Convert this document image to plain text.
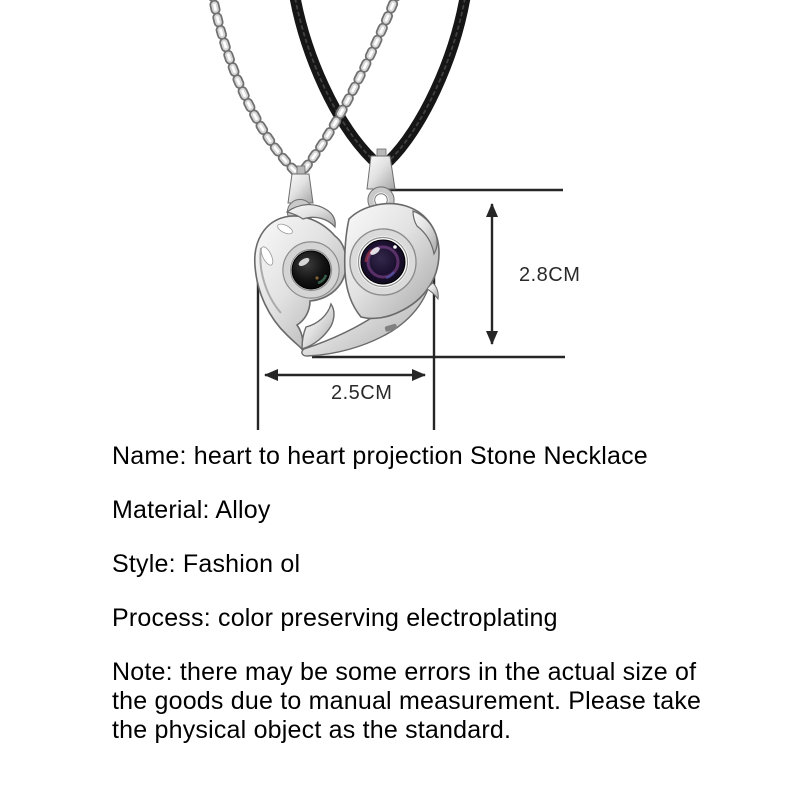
2.8CM
2.5CM
Name: heart to heart projection Stone Necklace
Material: Alloy
Style: Fashion ol
Process: color preserving electroplating
Note: there may be some errors in the actual size of
the goods due to manual measurement. Please take
the physical object as the standard.
